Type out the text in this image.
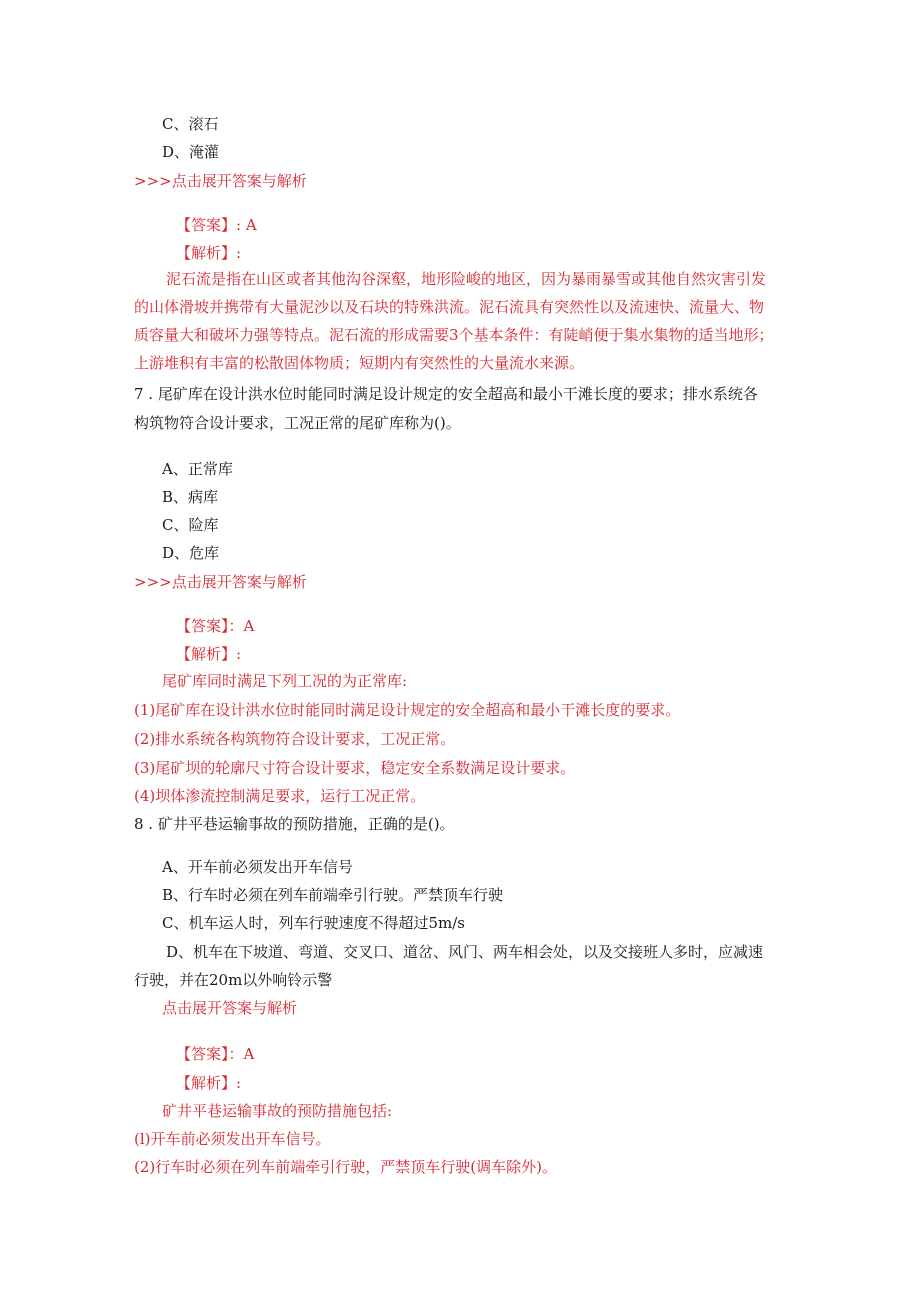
C、滚石
D、淹灌
>>>点击展开答案与解析
【答案】: A
【解析】:
泥石流是指在山区或者其他沟谷深壑，地形险峻的地区，因为暴雨暴雪或其他自然灾害引发
的山体滑坡并携带有大量泥沙以及石块的特殊洪流。泥石流具有突然性以及流速快、流量大、物
质容量大和破坏力强等特点。泥石流的形成需要3个基本条件：有陡峭便于集水集物的适当地形；
上游堆积有丰富的松散固体物质；短期内有突然性的大量流水来源。
7 . 尾矿库在设计洪水位时能同时满足设计规定的安全超高和最小干滩长度的要求；排水系统各
构筑物符合设计要求，工况正常的尾矿库称为()。
A、正常库
B、病库
C、险库
D、危库
>>>点击展开答案与解析
【答案】：A
【解析】:
尾矿库同时满足下列工况的为正常库:
(1)尾矿库在设计洪水位时能同时满足设计规定的安全超高和最小干滩长度的要求。
(2)排水系统各构筑物符合设计要求，工况正常。
(3)尾矿坝的轮廓尺寸符合设计要求，稳定安全系数满足设计要求。
(4)坝体渗流控制满足要求，运行工况正常。
8 . 矿井平巷运输事故的预防措施，正确的是()。
A、开车前必须发出开车信号
B、行车时必须在列车前端牵引行驶。严禁顶车行驶
C、机车运人时，列车行驶速度不得超过5m/s
D、机车在下坡道、弯道、交叉口、道岔、风门、两车相会处，以及交接班人多时，应减速
行驶，并在20m以外响铃示警
点击展开答案与解析
【答案】：A
【解析】:
矿井平巷运输事故的预防措施包括:
(l)开车前必须发出开车信号。
(2)行车时必须在列车前端牵引行驶，严禁顶车行驶(调车除外)。
